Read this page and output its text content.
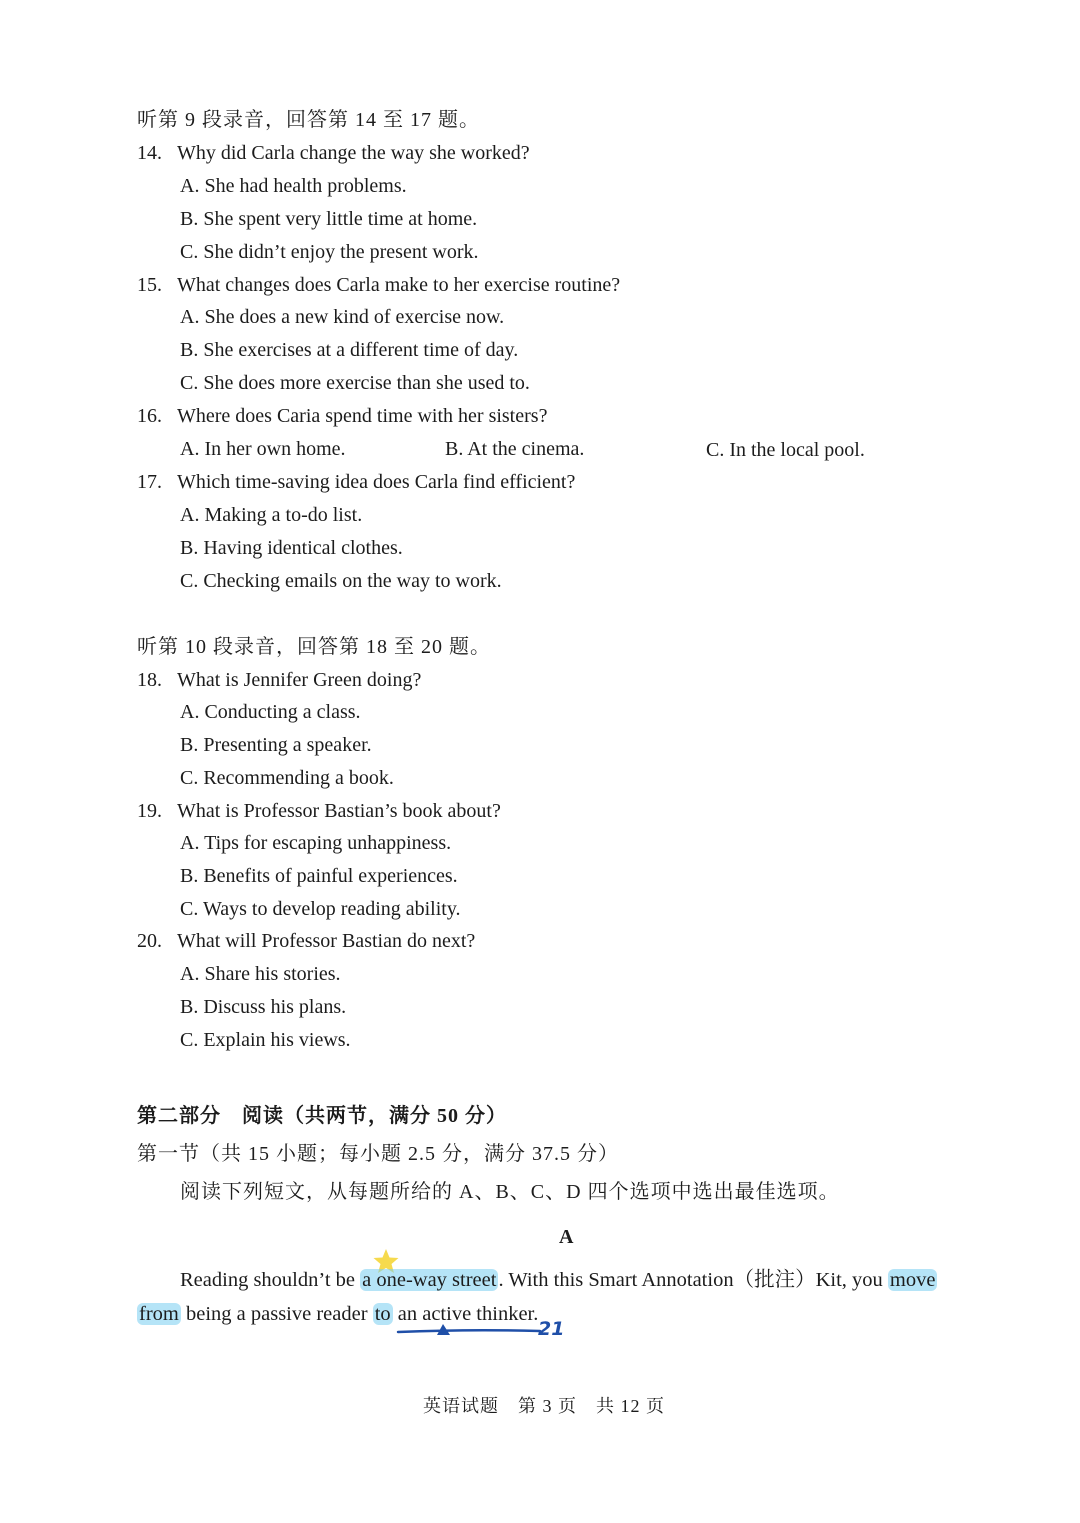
听第 9 段录音，回答第 14 至 17 题。
14. Why did Carla change the way she worked?
A. She had health problems.
B. She spent very little time at home.
C. She didn’t enjoy the present work.
15. What changes does Carla make to her exercise routine?
A. She does a new kind of exercise now.
B. She exercises at a different time of day.
C. She does more exercise than she used to.
16. Where does Caria spend time with her sisters?
A. In her own home.	B. At the cinema.	C. In the local pool.
17. Which time-saving idea does Carla find efficient?
A. Making a to-do list.
B. Having identical clothes.
C. Checking emails on the way to work.
听第 10 段录音，回答第 18 至 20 题。
18. What is Jennifer Green doing?
A. Conducting a class.
B. Presenting a speaker.
C. Recommending a book.
19. What is Professor Bastian’s book about?
A. Tips for escaping unhappiness.
B. Benefits of painful experiences.
C. Ways to develop reading ability.
20. What will Professor Bastian do next?
A. Share his stories.
B. Discuss his plans.
C. Explain his views.
第二部分　阅读（共两节，满分 50 分）
第一节（共 15 小题；每小题 2.5 分，满分 37.5 分）
阅读下列短文，从每题所给的 A、B、C、D 四个选项中选出最佳选项。
A
Reading shouldn’t be a one-way street. With this Smart Annotation（批注）Kit, you move
from being a passive reader to an active thinker.
21
英语试题　第 3 页　共 12 页
